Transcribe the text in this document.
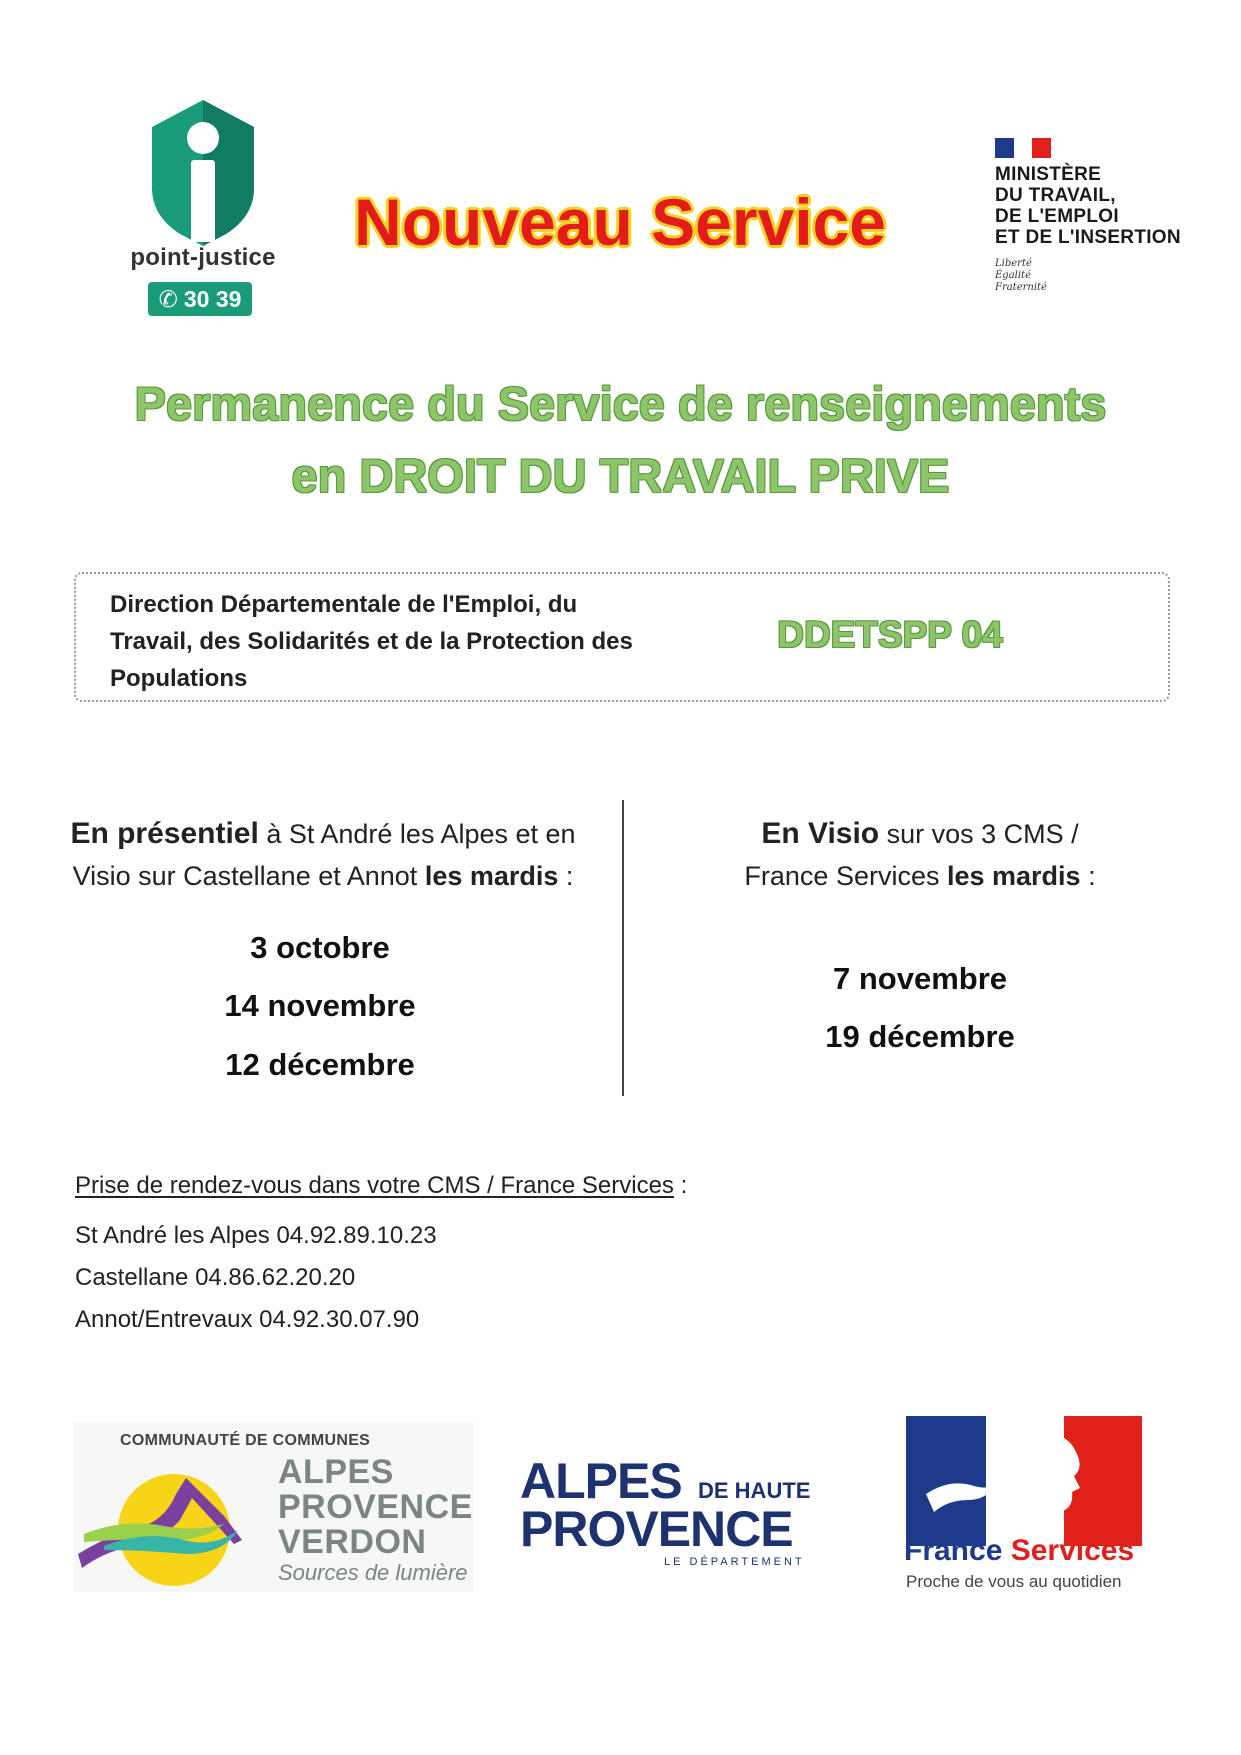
point-justice
✆ 30 39
Nouveau Service
MINISTÈRE
DU TRAVAIL,
DE L'EMPLOI
ET DE L'INSERTION
Liberté
Égalité
Fraternité
Permanence du Service de renseignements
en DROIT DU TRAVAIL PRIVE
Direction Départementale de l'Emploi, du
Travail, des Solidarités et de la Protection des
Populations
DDETSPP 04
En présentiel à St André les Alpes et en
Visio sur Castellane et Annot les mardis :
3 octobre
14 novembre
12 décembre
En Visio sur vos 3 CMS /
France Services les mardis :
7 novembre
19 décembre
Prise de rendez-vous dans votre CMS / France Services :
St André les Alpes 04.92.89.10.23
Castellane 04.86.62.20.20
Annot/Entrevaux 04.92.30.07.90
COMMUNAUTÉ DE COMMUNES
ALPES
PROVENCE
VERDON
Sources de lumière
ALPES DE HAUTE
PROVENCE
LE DÉPARTEMENT	France Services
Proche de vous au quotidien
